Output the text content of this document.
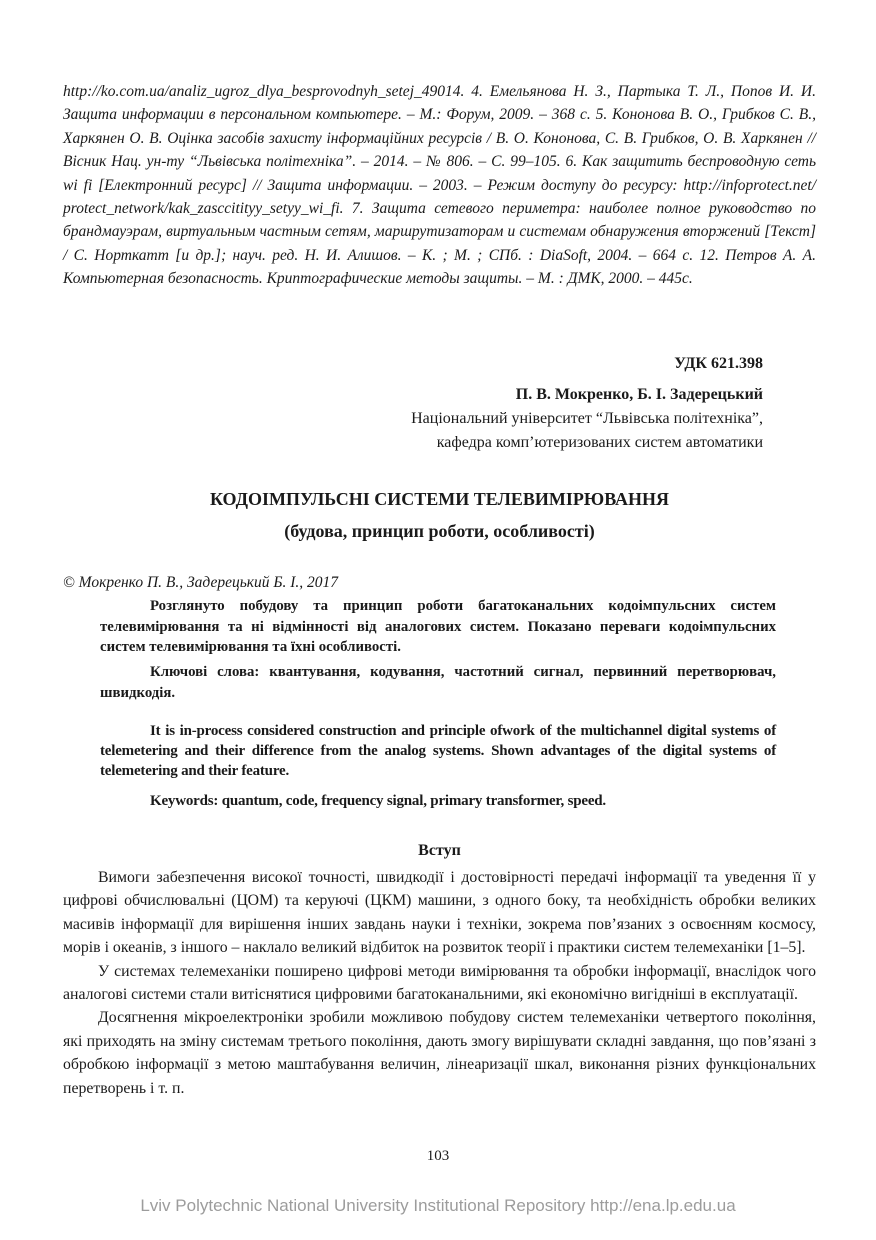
http://ko.com.ua/analiz_ugroz_dlya_besprovodnyh_setej_49014. 4. Емельянова Н. З., Партыка Т. Л., Попов И. И. Защита информации в персональном компьютере. – М.: Форум, 2009. – 368 с. 5. Кононова В. О., Грибков С. В., Харкянен О. В. Оцінка засобів захисту інформаційних ресурсів / В. О. Кононова, С. В. Грибков, О. В. Харкянен // Вісник Нац. ун-ту “Львівська політехніка”. – 2014. – № 806. – С. 99–105. 6. Как защитить беспроводную сеть wi fi [Електронний ресурс] // Защита информации. – 2003. – Режим доступу до ресурсу: http://infoprotect.net/ protect_network/kak_zasccitityy_setyy_wi_fi. 7. Защита сетевого периметра: наиболее полное руководство по брандмауэрам, виртуальным частным сетям, маршрутизаторам и системам обнаружения вторжений [Текст] / С. Норткатт [и др.]; науч. ред. Н. И. Алишов. – К. ; М. ; СПб. : DiaSoft, 2004. – 664 с. 12. Петров А. А. Компьютерная безопасность. Криптографические методы защиты. – М. : ДМК, 2000. – 445с.
УДК 621.398
П. В. Мокренко, Б. І. Задерецький
Національний університет “Львівська політехніка”,
кафедра комп’ютеризованих систем автоматики
КОДОІМПУЛЬСНІ СИСТЕМИ ТЕЛЕВИМІРЮВАННЯ
(будова, принцип роботи, особливості)
© Мокренко П. В., Задерецький Б. І., 2017

Розглянуто побудову та принцип роботи багатоканальних кодоімпульсних систем телевимірювання та ні відмінності від аналогових систем. Показано переваги кодоімпульсних систем телевимірювання та їхні особливості.

Ключові слова: квантування, кодування, частотний сигнал, первинний перетворювач, швидкодія.

It is in-process considered construction and principle ofwork of the multichannel digital systems of telemetering and their difference from the analog systems. Shown advantages of the digital systems of telemetering and their feature.

Keywords: quantum, code, frequency signal, primary transformer, speed.

Вступ

Вимоги забезпечення високої точності, швидкодії і достовірності передачі інформації та уведення її у цифрові обчислювальні (ЦОМ) та керуючі (ЦКМ) машини, з одного боку, та необхідність обробки великих масивів інформації для вирішення інших завдань науки і техніки, зокрема пов’язаних з освоєнням космосу, морів і океанів, з іншого – наклало великий відбиток на розвиток теорії і практики систем телемеханіки [1–5].

У системах телемеханіки поширено цифрові методи вимірювання та обробки інформації, внаслідок чого аналогові системи стали витіснятися цифровими багатоканальними, які економічно вигідніші в експлуатації.

Досягнення мікроелектроніки зробили можливою побудову систем телемеханіки четвертого покоління, які приходять на зміну системам третього покоління, дають змогу вирішувати складні завдання, що пов’язані з обробкою інформації з метою маштабування величин, лінеаризації шкал, виконання різних функціональних перетворень і т. п.

103
Lviv Polytechnic National University Institutional Repository http://ena.lp.edu.ua
